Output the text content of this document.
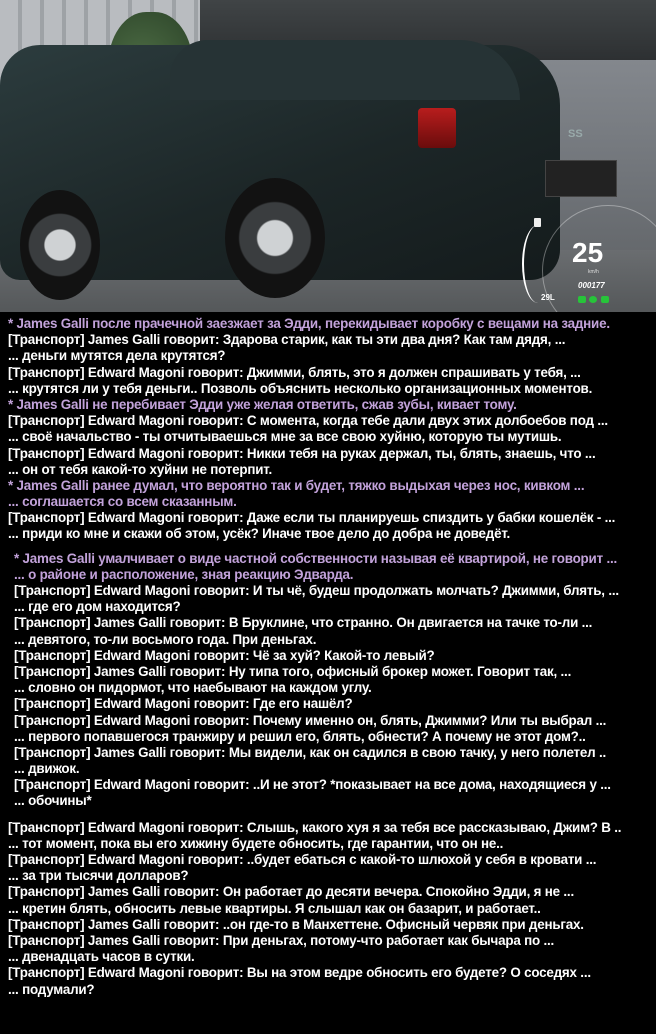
SS
25
km/h
000177
29L
* James Galli после прачечной заезжает за Эдди, перекидывает коробку с вещами на задние.
[Транспорт] James Galli говорит: Здарова старик, как ты эти два дня? Как там дядя, ...
... деньги мутятся дела крутятся?
[Транспорт] Edward Magoni говорит: Джимми, блять, это я должен спрашивать у тебя, ...
... крутятся ли у тебя деньги.. Позволь объяснить несколько организационных моментов.
* James Galli не перебивает Эдди уже желая ответить, сжав зубы, кивает тому.
[Транспорт] Edward Magoni говорит: С момента, когда тебе дали двух этих долбоебов под ...
... своё начальство - ты отчитываешься мне за все свою хуйню, которую ты мутишь.
[Транспорт] Edward Magoni говорит: Никки тебя на руках держал, ты, блять, знаешь, что ...
... он от тебя какой-то хуйни не потерпит.
* James Galli ранее думал, что вероятно так и будет, тяжко выдыхая через нос, кивком ...
... соглашается со всем сказанным.
[Транспорт] Edward Magoni говорит: Даже если ты планируешь спиздить у бабки кошелёк - ...
... приди ко мне и скажи об этом, усёк? Иначе твое дело до добра не доведёт.
* James Galli умалчивает о виде частной собственности называя её квартирой, не говорит ...
... о районе и расположение, зная реакцию Эдварда.
[Транспорт] Edward Magoni говорит: И ты чё, будеш продолжать молчать? Джимми, блять, ...
... где его дом находится?
[Транспорт] James Galli говорит: В Бруклине, что странно. Он двигается на тачке то-ли ...
... девятого, то-ли восьмого года. При деньгах.
[Транспорт] Edward Magoni говорит: Чё за хуй? Какой-то левый?
[Транспорт] James Galli говорит: Ну типа того, офисный брокер может. Говорит так, ...
... словно он пидормот, что наебывают на каждом углу.
[Транспорт] Edward Magoni говорит: Где его нашёл?
[Транспорт] Edward Magoni говорит: Почему именно он, блять, Джимми? Или ты выбрал ...
... первого попавшегося транжиру и решил его, блять, обнести? А почему не этот дом?..
[Транспорт] James Galli говорит: Мы видели, как он садился в свою тачку, у него полетел ..
... движок.
[Транспорт] Edward Magoni говорит: ..И не этот? *показывает на все дома, находящиеся у ...
... обочины*
[Транспорт] Edward Magoni говорит: Слышь, какого хуя я за тебя все рассказываю, Джим? В ..
... тот момент, пока вы его хижину будете обносить, где гарантии, что он не..
[Транспорт] Edward Magoni говорит: ..будет ебаться с какой-то шлюхой у себя в кровати ...
... за три тысячи долларов?
[Транспорт] James Galli говорит: Он работает до десяти вечера. Спокойно Эдди, я не ...
... кретин блять, обносить левые квартиры. Я слышал как он базарит, и работает..
[Транспорт] James Galli говорит: ..он где-то в Манхеттене. Офисный червяк при деньгах.
[Транспорт] James Galli говорит: При деньгах, потому-что работает как бычара по ...
... двенадцать часов в сутки.
[Транспорт] Edward Magoni говорит: Вы на этом ведре обносить его будете? О соседях ...
... подумали?
